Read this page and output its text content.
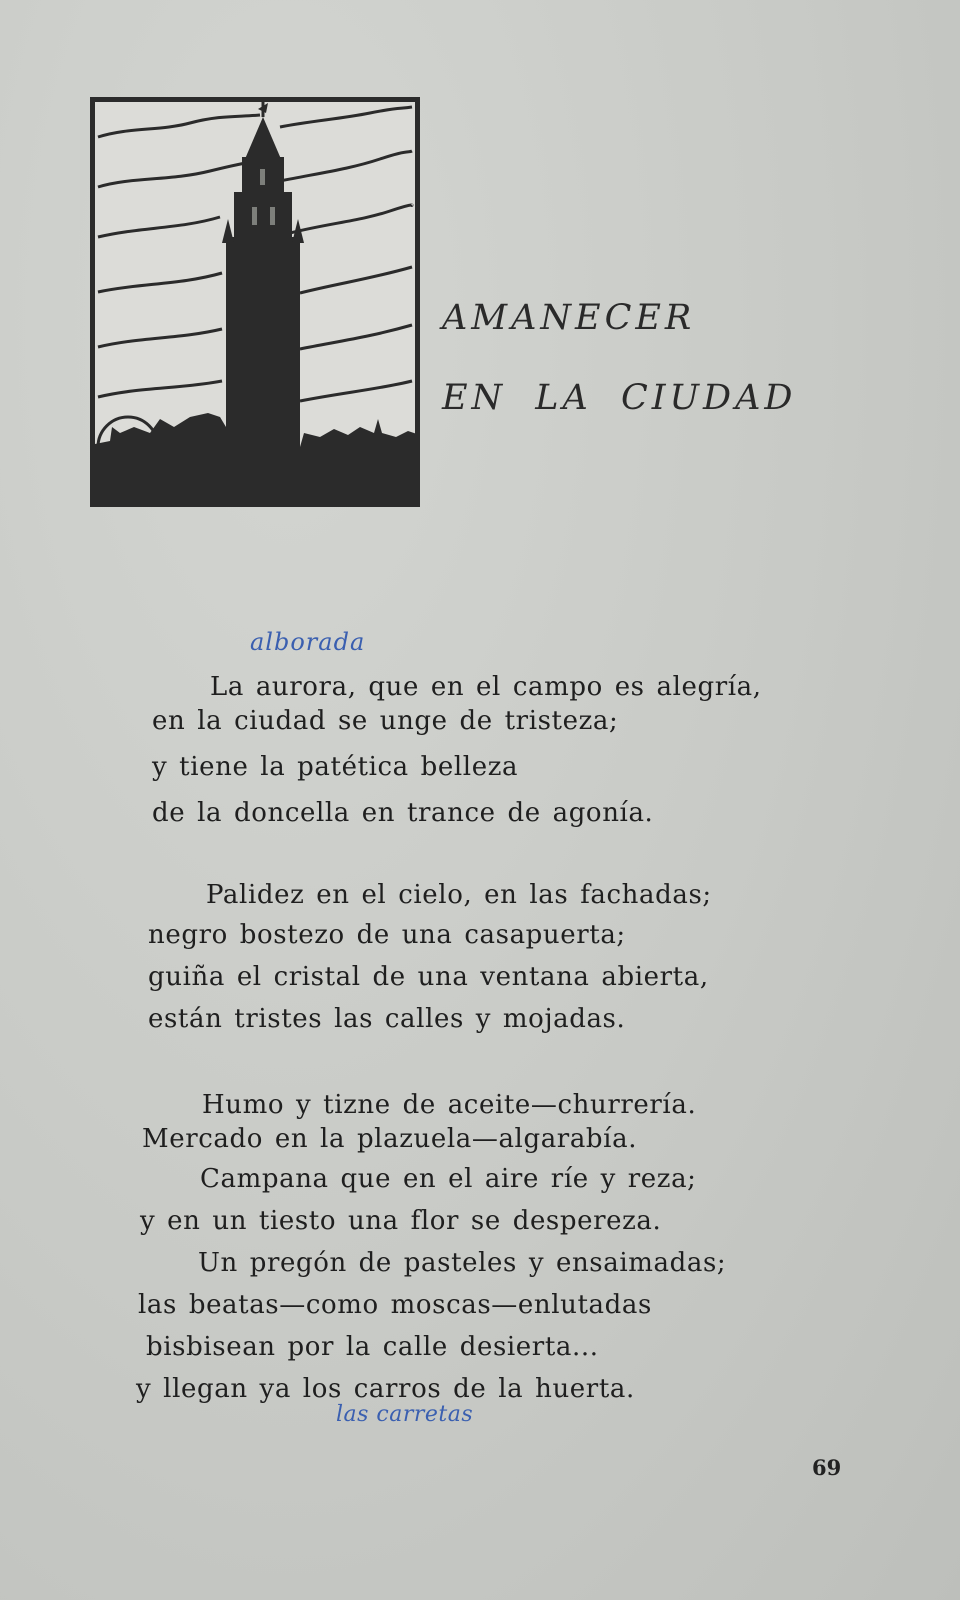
AMANECER
EN LA CIUDAD
alborada
La aurora, que en el campo es alegría,
en la ciudad se unge de tristeza;
y tiene la patética belleza
de la doncella en trance de agonía.
Palidez en el cielo, en las fachadas;
negro bostezo de una casapuerta;
guiña el cristal de una ventana abierta,
están tristes las calles y mojadas.
Humo y tizne de aceite—churrería.
Mercado en la plazuela—algarabía.
Campana que en el aire ríe y reza;
y en un tiesto una flor se despereza.
Un pregón de pasteles y ensaimadas;
las beatas—como moscas—enlutadas
bisbisean por la calle desierta...
y llegan ya los carros de la huerta.
las carretas
69
